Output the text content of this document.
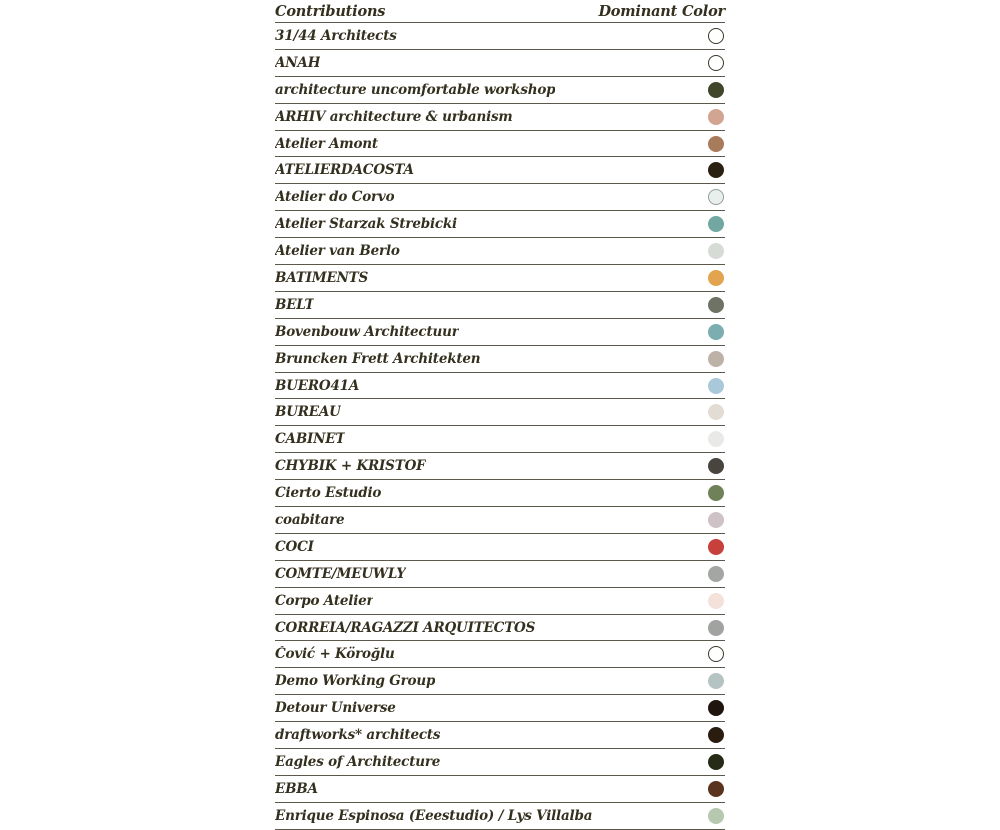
Contributions	Dominant Color
31/44 Architects
ANAH
architecture uncomfortable workshop
ARHIV architecture & urbanism
Atelier Amont
ATELIERDACOSTA
Atelier do Corvo
Atelier Starzak Strebicki
Atelier van Berlo
BATIMENTS
BELT
Bovenbouw Architectuur
Bruncken Frett Architekten
BUERO41A
BUREAU
CABINET
CHYBIK + KRISTOF
Cierto Estudio
coabitare
COCI
COMTE/MEUWLY
Corpo Atelier
CORREIA/RAGAZZI ARQUITECTOS
Čović + Köroğlu
Demo Working Group
Detour Universe
draftworks* architects
Eagles of Architecture
EBBA
Enrique Espinosa (Eeestudio) / Lys Villalba
